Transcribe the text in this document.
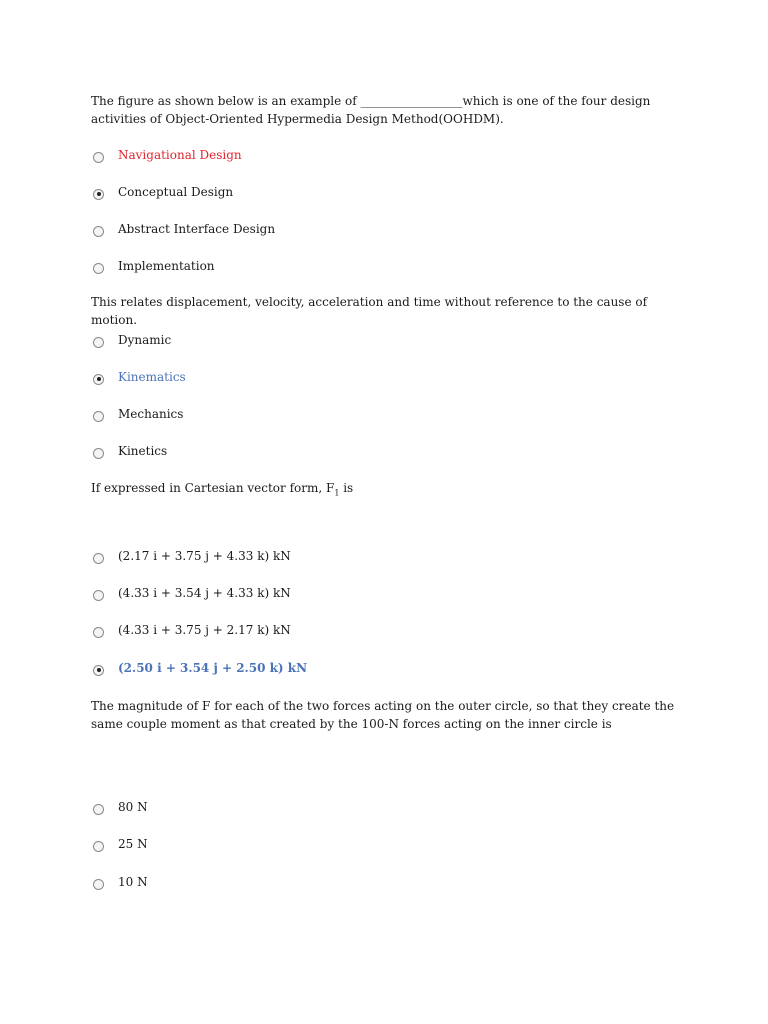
The figure as shown below is an example of _________________which is one of the four design activities of Object-Oriented Hypermedia Design Method(OOHDM).

Navigational Design
Conceptual Design
Abstract Interface Design
Implementation

This relates displacement, velocity, acceleration and time without reference to the cause of motion.

Dynamic
Kinematics
Mechanics
Kinetics

If expressed in Cartesian vector form, $F_1$ is

(2.17 i + 3.75 j + 4.33 k) kN
(4.33 i + 3.54 j + 4.33 k) kN
(4.33 i + 3.75 j + 2.17 k) kN
(2.50 i + 3.54 j + 2.50 k) kN

The magnitude of F for each of the two forces acting on the outer circle, so that they create the same couple moment as that created by the 100-N forces acting on the inner circle is

80 N
25 N
10 N
